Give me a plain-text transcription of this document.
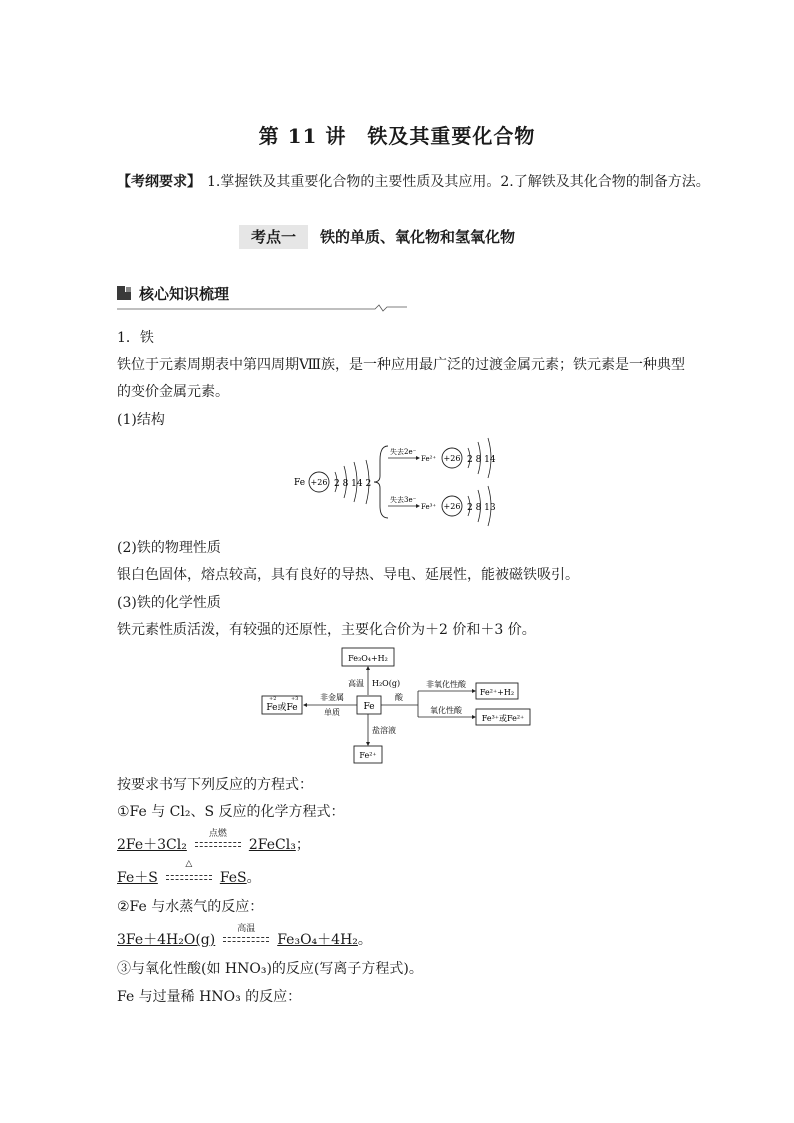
第 11 讲　铁及其重要化合物
【考纲要求】 1.掌握铁及其重要化合物的主要性质及其应用。2.了解铁及其化合物的制备方法。
考点一 铁的单质、氧化物和氢氧化物
核心知识梳理
1．铁
铁位于元素周期表中第四周期Ⅷ族，是一种应用最广泛的过渡金属元素；铁元素是一种典型
的变价金属元素。
(1)结构
Fe +26 2 8 14 2
失去2e⁻
Fe²⁺ +26 2 8 14
失去3e⁻
Fe³⁺ +26 2 8 13
(2)铁的物理性质
银白色固体，熔点较高，具有良好的导热、导电、延展性，能被磁铁吸引。
(3)铁的化学性质
铁元素性质活泼，有较强的还原性，主要化合价为＋2 价和＋3 价。
Fe₃O₄+H₂
高温 H₂O(g)
Fe
非金属
单质
Fe或Fe
+2	+3	酸
非氧化性酸
氧化性酸
Fe²⁺+H₂
Fe³⁺或Fe²⁺
盐溶液
Fe²⁺
按要求书写下列反应的方程式：
①Fe 与 Cl₂、S 反应的化学方程式：
2Fe＋3Cl₂
点燃
2FeCl₃；
Fe＋S
△
FeS。
②Fe 与水蒸气的反应：
3Fe＋4H₂O(g)
高温
Fe₃O₄＋4H₂。
③与氧化性酸(如 HNO₃)的反应(写离子方程式)。
Fe 与过量稀 HNO₃ 的反应：
